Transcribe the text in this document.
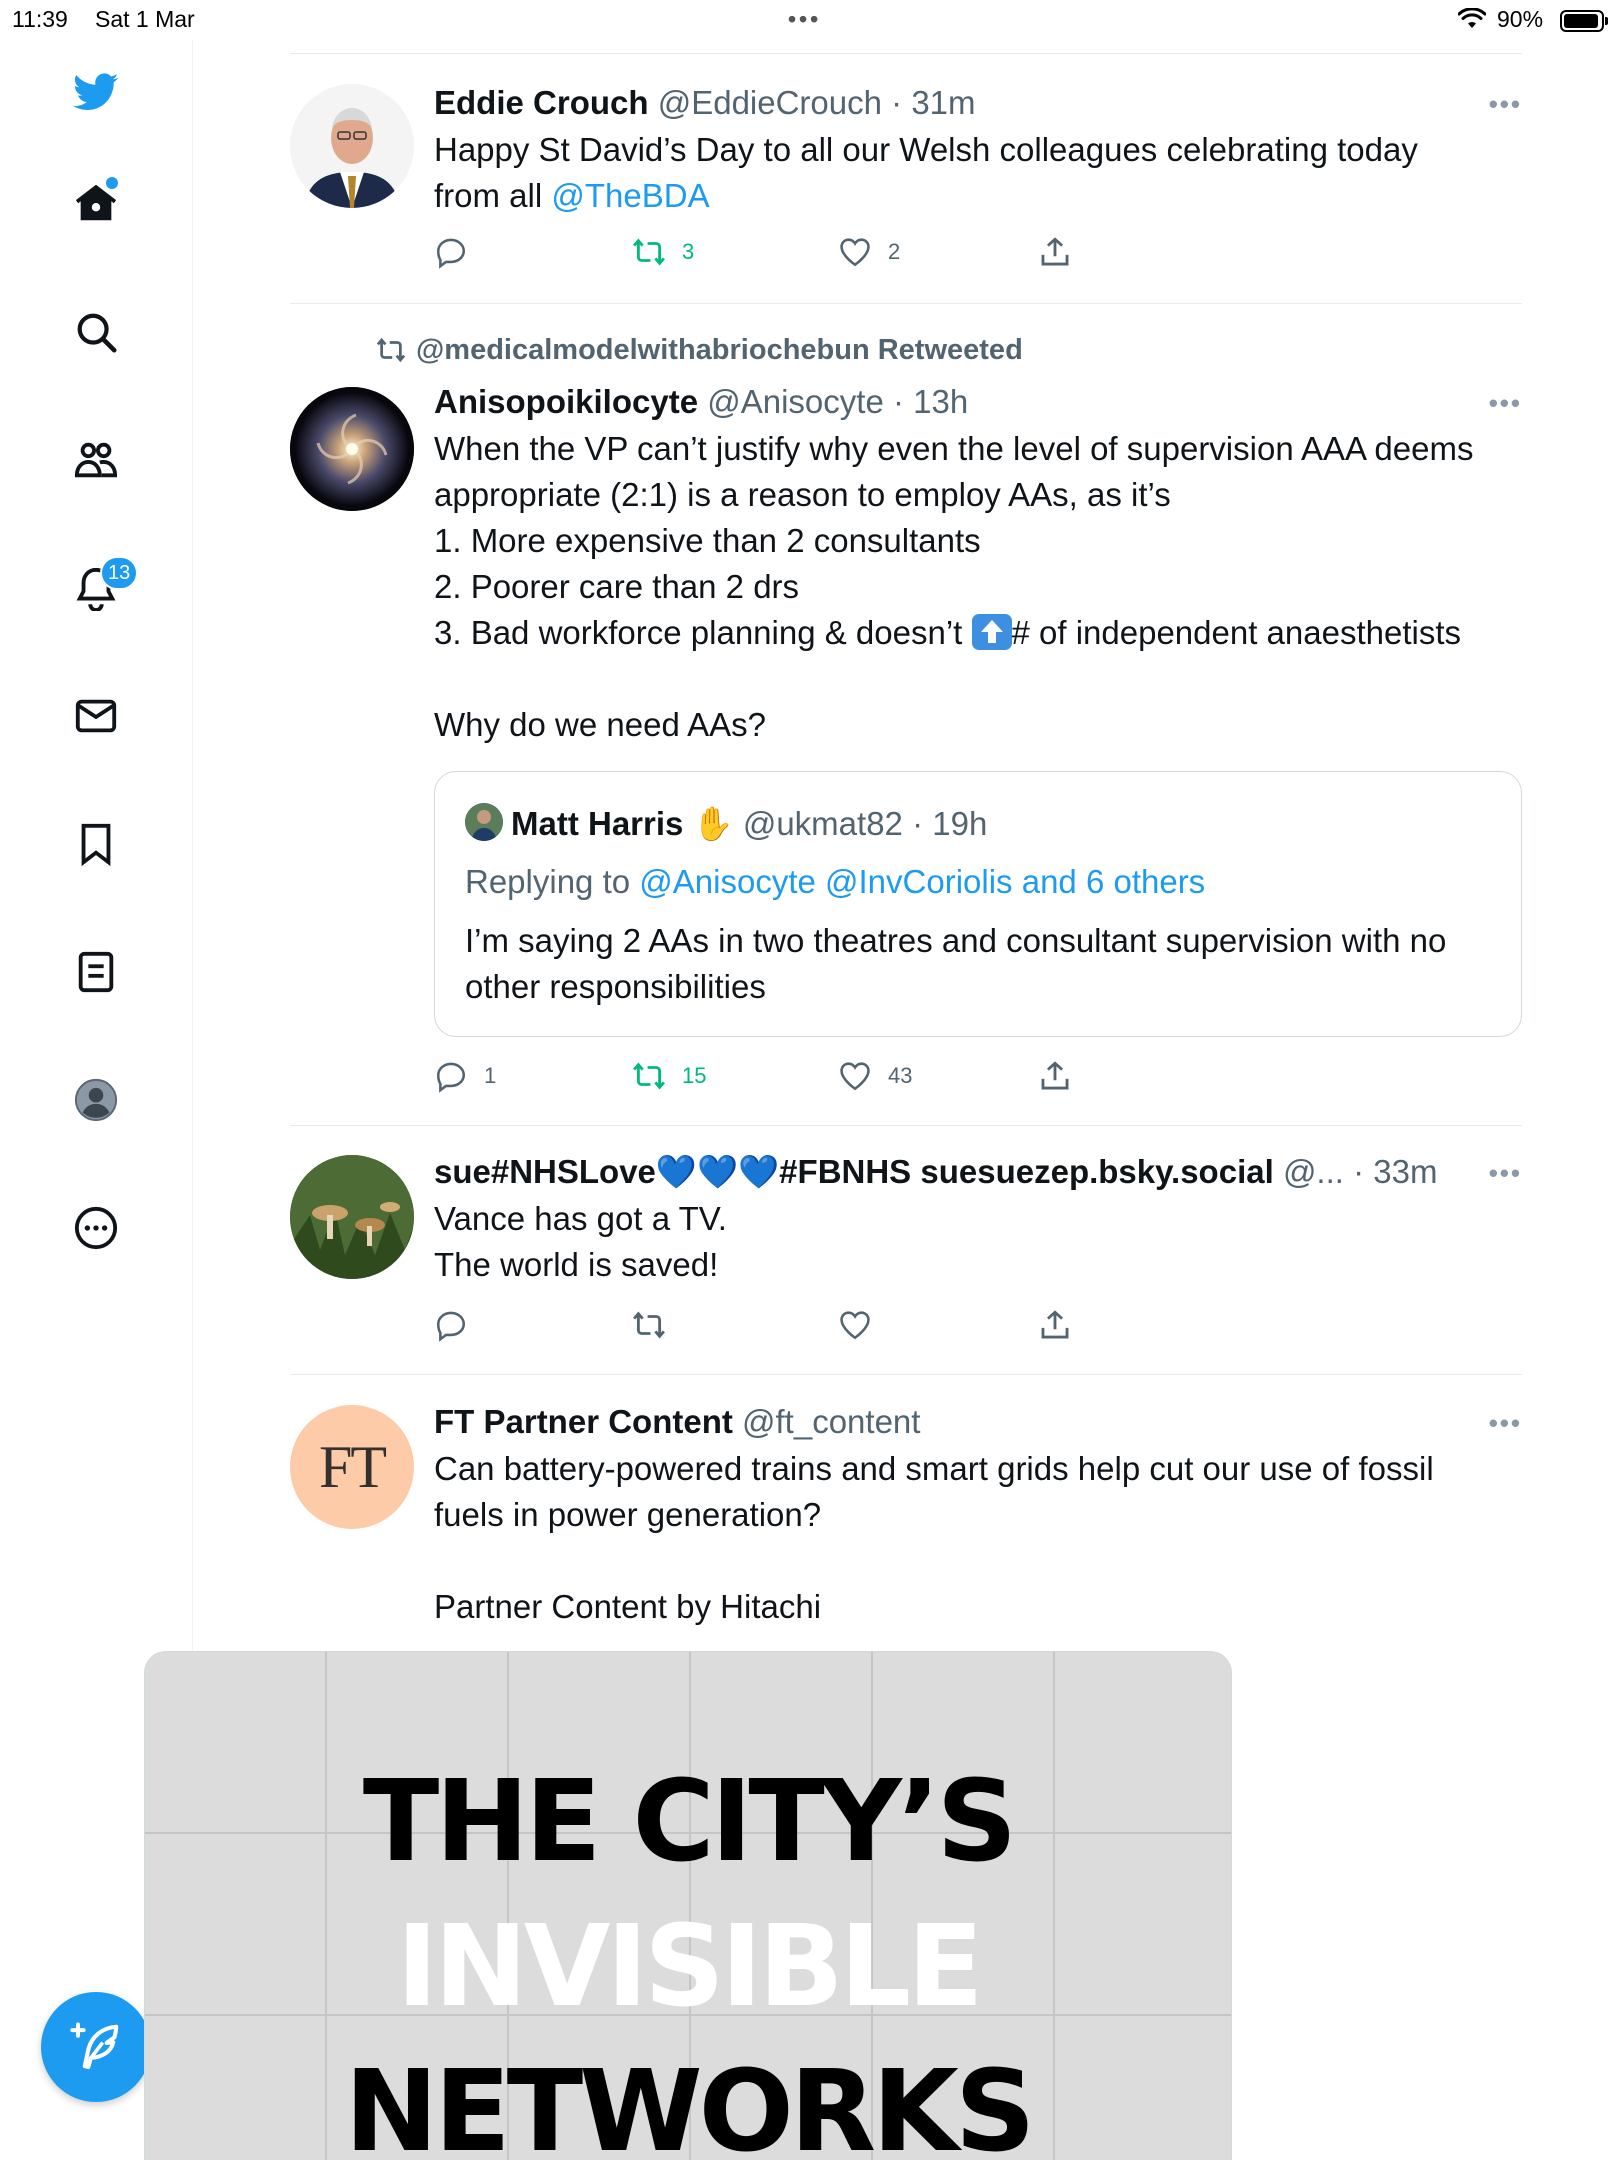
11:39 Sat 1 Mar	•••	90%
13
Eddie Crouch @EddieCrouch · 31m	•••
Happy St David’s Day to all our Welsh colleagues celebrating today
from all @TheBDA
3	2
@medicalmodelwithabriochebun Retweeted
Anisopoikilocyte @Anisocyte · 13h	•••
When the VP can’t justify why even the level of supervision AAA deems
appropriate (2:1) is a reason to employ AAs, as it’s
1. More expensive than 2 consultants
2. Poorer care than 2 drs
3. Bad workforce planning & doesn’t # of independent anaesthetists
Why do we need AAs?
Matt Harris ✋ @ukmat82 · 19h
Replying to @Anisocyte @InvCoriolis and 6 others
I’m saying 2 AAs in two theatres and consultant supervision with no
other responsibilities
1	15	43
sue#NHSLove💙💙💙#FBNHS suesuezep.bsky.social @... · 33m	•••
Vance has got a TV.
The world is saved!
FT
FT Partner Content @ft_content	•••
Can battery-powered trains and smart grids help cut our use of fossil
fuels in power generation?
Partner Content by Hitachi
THE CITY’S
INVISIBLE
NETWORKS
